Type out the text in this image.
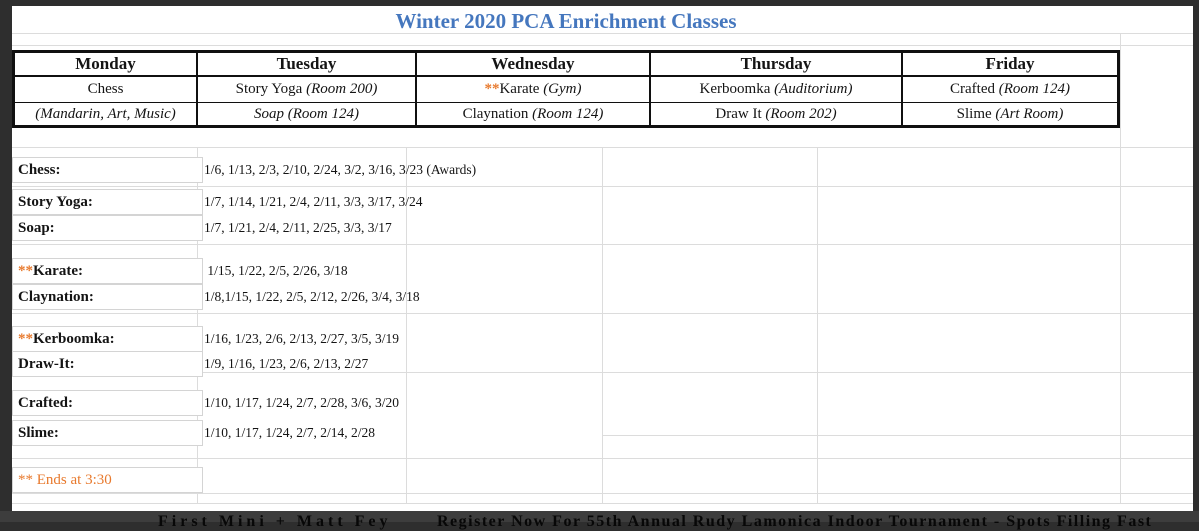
Winter 2020 PCA Enrichment Classes
Monday	Tuesday	Wednesday	Thursday	Friday
Chess	Story Yoga (Room 200)	**Karate (Gym)	Kerboomka (Auditorium)	Crafted (Room 124)
(Mandarin, Art, Music)	Soap (Room 124)	Claynation (Room 124)	Draw It (Room 202)	Slime (Art Room)
Chess:	1/6, 1/13, 2/3, 2/10, 2/24, 3/2, 3/16, 3/23 (Awards)
Story Yoga:	1/7, 1/14, 1/21, 2/4, 2/11, 3/3, 3/17, 3/24
Soap:	1/7, 1/21, 2/4, 2/11, 2/25, 3/3, 3/17
**Karate:	1/15, 1/22, 2/5, 2/26, 3/18
Claynation:	1/8,1/15, 1/22, 2/5, 2/12, 2/26, 3/4, 3/18
**Kerboomka:	1/16, 1/23, 2/6, 2/13, 2/27, 3/5, 3/19
Draw-It:	1/9, 1/16, 1/23, 2/6, 2/13, 2/27
Crafted:	1/10, 1/17, 1/24, 2/7, 2/28, 3/6, 3/20
Slime:	1/10, 1/17, 1/24, 2/7, 2/14, 2/28
** Ends at 3:30
First Mini + Matt Fey	Register Now For 55th Annual Rudy Lamonica Indoor Tournament - Spots Filling Fast
